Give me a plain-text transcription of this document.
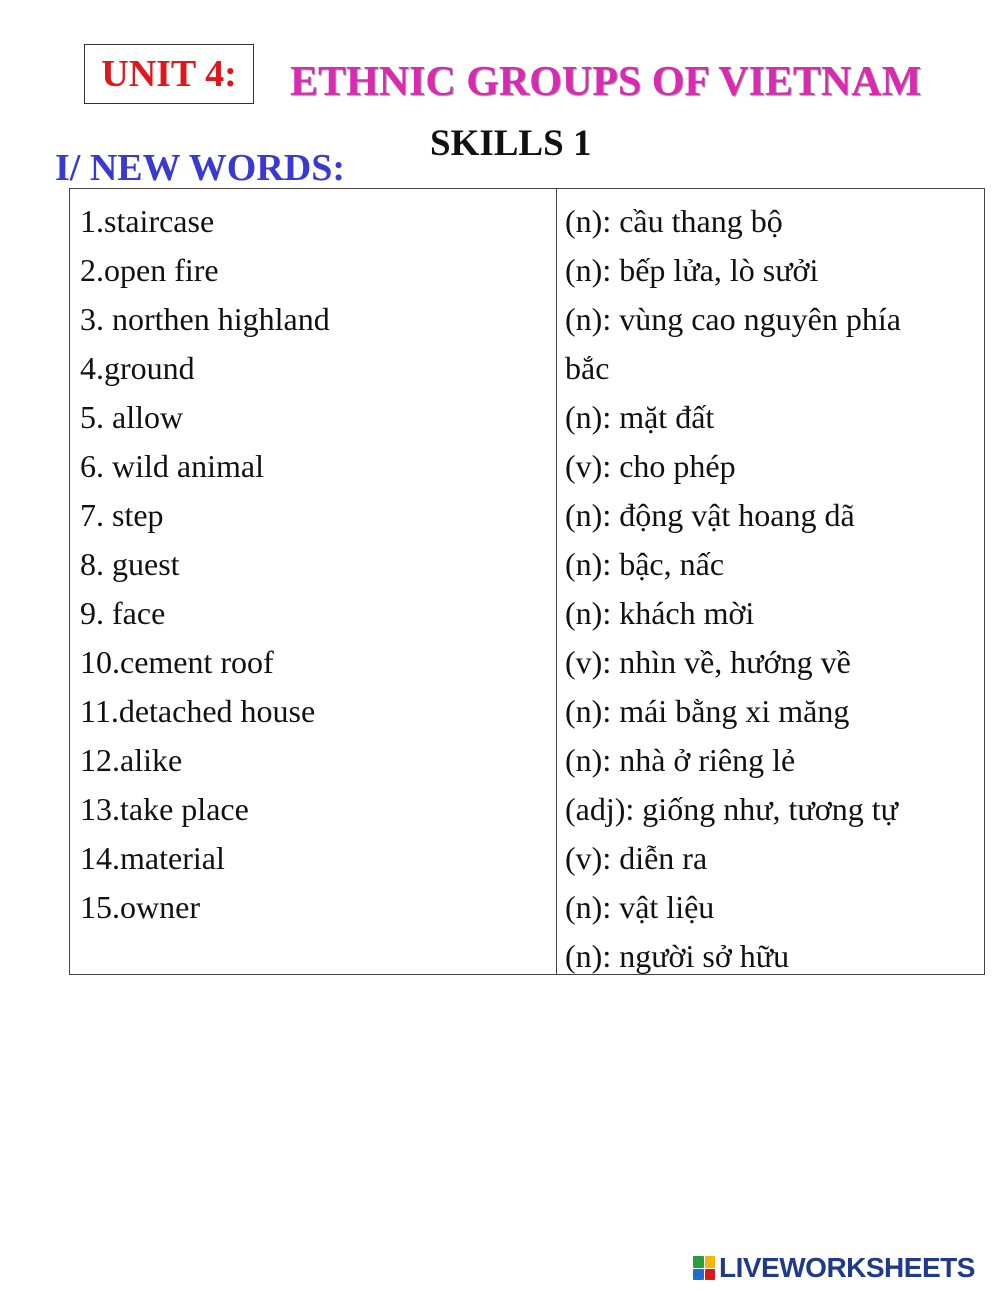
UNIT 4: ETHNIC GROUPS OF VIETNAM
SKILLS 1
I/ NEW WORDS:
1.staircase
2.open fire
3. northen highland
4.ground
5. allow
6. wild animal
7. step
8. guest
9. face
10.cement roof
11.detached house
12.alike
13.take place
14.material
15.owner
(n): cầu thang bộ
(n): bếp lửa, lò sưởi
(n): vùng cao nguyên phía
bắc
(n): mặt đất
(v): cho phép
(n): động vật hoang dã
(n): bậc, nấc
(n): khách mời
(v): nhìn về, hướng về
(n): mái bằng xi măng
(n): nhà ở riêng lẻ
(adj): giống như, tương tự
(v): diễn ra
(n): vật liệu
(n): người sở hữu
LIVEWORKSHEETS
